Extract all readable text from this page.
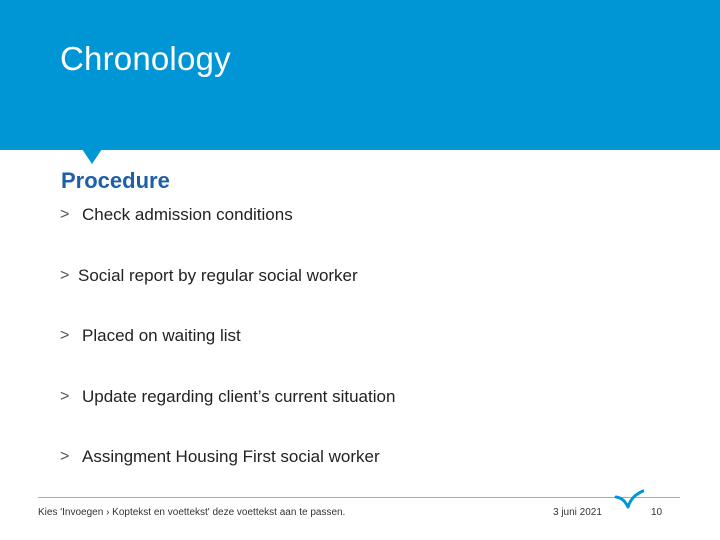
Chronology
Procedure
> Check admission conditions
> Social report by regular social worker
> Placed on waiting list
> Update regarding client’s current situation
> Assingment Housing First social worker
Kies 'Invoegen › Koptekst en voettekst' deze voettekst aan te passen.	3 juni 2021	10
